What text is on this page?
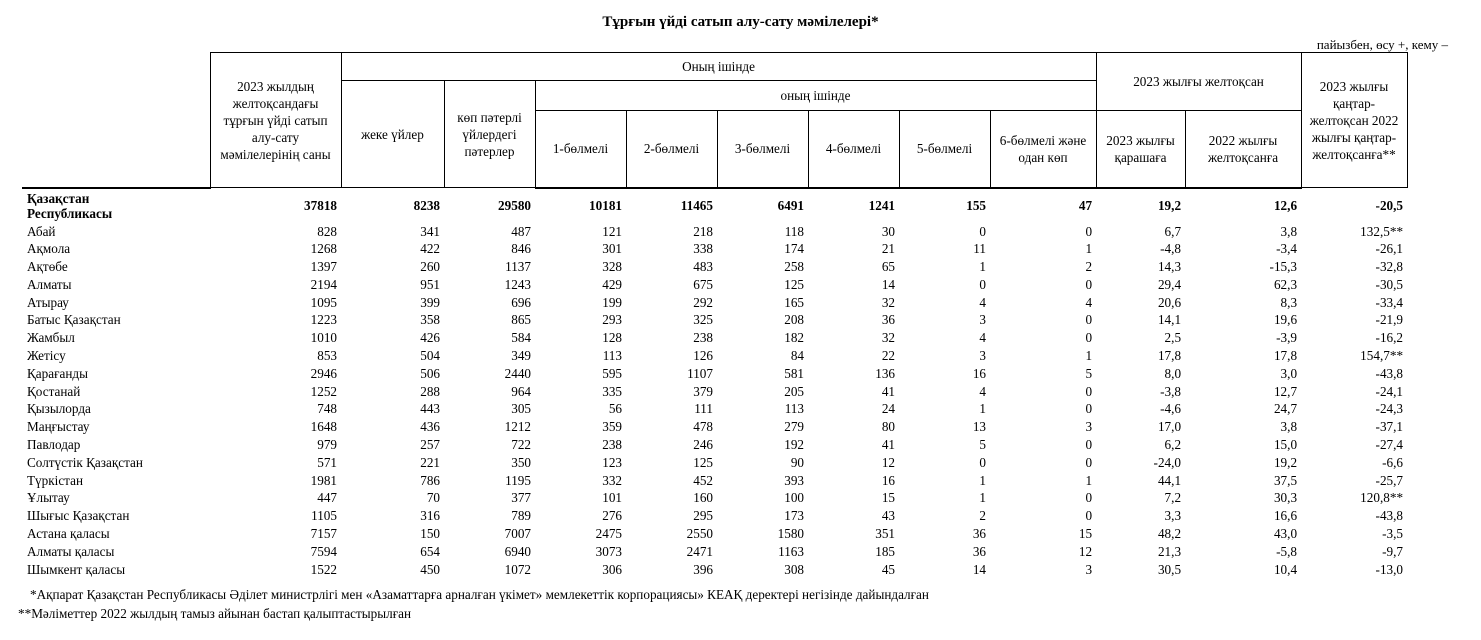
Тұрғын үйді сатып алу-сату мәмілелері*
пайызбен, өсу +, кему –
	2023 жылдың желтоқсандағы тұрғын үйді сатып алу-сату мәмілелерінің саны	Оның ішінде								2023 жылғы желтоқсан		2023 жылғы қаңтар-желтоқсан 2022 жылғы қаңтар-желтоқсанға**
		жеке үйлер	көп пәтерлі үйлердегі пәтерлер	оның ішінде								
				1-бөлмелі	2-бөлмелі	3-бөлмелі	4-бөлмелі	5-бөлмелі	6-бөлмелі және одан көп	2023 жылғы қарашаға	2022 жылғы желтоқсанға	

Қазақстан
Республикасы	37818	8238	29580	10181	11465	6491	1241	155	47	19,2	12,6	-20,5
Абай	828	341	487	121	218	118	30	0	0	6,7	3,8	132,5**
Ақмола	1268	422	846	301	338	174	21	11	1	-4,8	-3,4	-26,1
Ақтөбе	1397	260	1137	328	483	258	65	1	2	14,3	-15,3	-32,8
Алматы	2194	951	1243	429	675	125	14	0	0	29,4	62,3	-30,5
Атырау	1095	399	696	199	292	165	32	4	4	20,6	8,3	-33,4
Батыс Қазақстан	1223	358	865	293	325	208	36	3	0	14,1	19,6	-21,9
Жамбыл	1010	426	584	128	238	182	32	4	0	2,5	-3,9	-16,2
Жетісу	853	504	349	113	126	84	22	3	1	17,8	17,8	154,7**
Қарағанды	2946	506	2440	595	1107	581	136	16	5	8,0	3,0	-43,8
Қостанай	1252	288	964	335	379	205	41	4	0	-3,8	12,7	-24,1
Қызылорда	748	443	305	56	111	113	24	1	0	-4,6	24,7	-24,3
Маңғыстау	1648	436	1212	359	478	279	80	13	3	17,0	3,8	-37,1
Павлодар	979	257	722	238	246	192	41	5	0	6,2	15,0	-27,4
Солтүстік Қазақстан	571	221	350	123	125	90	12	0	0	-24,0	19,2	-6,6
Түркістан	1981	786	1195	332	452	393	16	1	1	44,1	37,5	-25,7
Ұлытау	447	70	377	101	160	100	15	1	0	7,2	30,3	120,8**
Шығыс Қазақстан	1105	316	789	276	295	173	43	2	0	3,3	16,6	-43,8
Астана қаласы	7157	150	7007	2475	2550	1580	351	36	15	48,2	43,0	-3,5
Алматы қаласы	7594	654	6940	3073	2471	1163	185	36	12	21,3	-5,8	-9,7
Шымкент қаласы	1522	450	1072	306	396	308	45	14	3	30,5	10,4	-13,0
*Ақпарат Қазақстан Республикасы Әділет министрлігі мен «Азаматтарға арналған үкімет» мемлекеттік корпорациясы» КЕАҚ деректері негізінде дайындалған
**Мәліметтер 2022 жылдың тамыз айынан бастап қалыптастырылған
